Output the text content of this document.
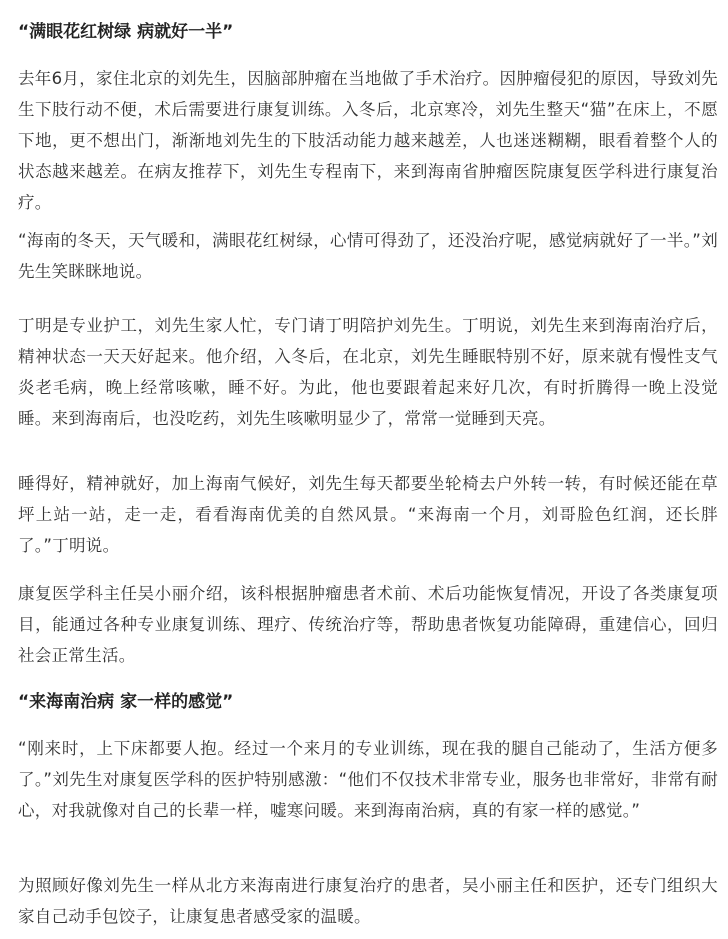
“满眼花红树绿 病就好一半”

去年6月，家住北京的刘先生，因脑部肿瘤在当地做了手术治疗。因肿瘤侵犯的原因，导致刘先生下肢行动不便，术后需要进行康复训练。入冬后，北京寒冷，刘先生整天“猫”在床上，不愿下地，更不想出门，渐渐地刘先生的下肢活动能力越来越差，人也迷迷糊糊，眼看着整个人的状态越来越差。在病友推荐下，刘先生专程南下，来到海南省肿瘤医院康复医学科进行康复治疗。

“海南的冬天，天气暖和，满眼花红树绿，心情可得劲了，还没治疗呢，感觉病就好了一半。”刘先生笑眯眯地说。

丁明是专业护工，刘先生家人忙，专门请丁明陪护刘先生。丁明说，刘先生来到海南治疗后，精神状态一天天好起来。他介绍，入冬后，在北京，刘先生睡眠特别不好，原来就有慢性支气炎老毛病，晚上经常咳嗽，睡不好。为此，他也要跟着起来好几次，有时折腾得一晚上没觉睡。来到海南后，也没吃药，刘先生咳嗽明显少了，常常一觉睡到天亮。

睡得好，精神就好，加上海南气候好，刘先生每天都要坐轮椅去户外转一转，有时候还能在草坪上站一站，走一走，看看海南优美的自然风景。“来海南一个月，刘哥脸色红润，还长胖了。”丁明说。

康复医学科主任吴小丽介绍，该科根据肿瘤患者术前、术后功能恢复情况，开设了各类康复项目，能通过各种专业康复训练、理疗、传统治疗等，帮助患者恢复功能障碍，重建信心，回归社会正常生活。

“来海南治病 家一样的感觉”

“刚来时，上下床都要人抱。经过一个来月的专业训练，现在我的腿自己能动了，生活方便多了。”刘先生对康复医学科的医护特别感激：“他们不仅技术非常专业，服务也非常好，非常有耐心，对我就像对自己的长辈一样，嘘寒问暖。来到海南治病，真的有家一样的感觉。”

为照顾好像刘先生一样从北方来海南进行康复治疗的患者，吴小丽主任和医护，还专门组织大家自己动手包饺子，让康复患者感受家的温暖。
